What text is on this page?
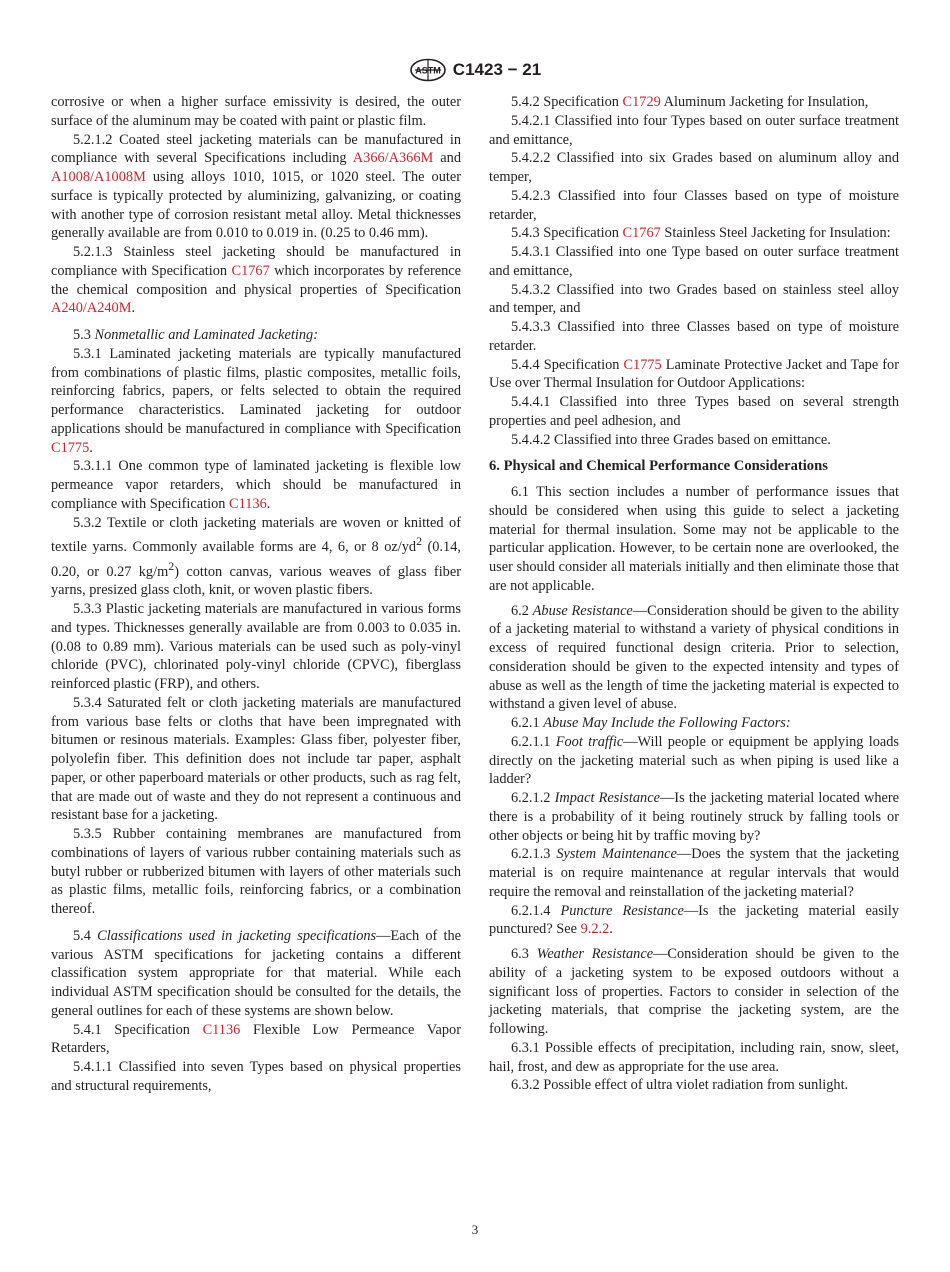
ASTM C1423 − 21

corrosive or when a higher surface emissivity is desired, the outer surface of the aluminum may be coated with paint or plastic film.

5.2.1.2 Coated steel jacketing materials can be manufactured in compliance with several Specifications including A366/A366M and A1008/A1008M using alloys 1010, 1015, or 1020 steel. The outer surface is typically protected by aluminizing, galvanizing, or coating with another type of corrosion resistant metal alloy. Metal thicknesses generally available are from 0.010 to 0.019 in. (0.25 to 0.46 mm).

5.2.1.3 Stainless steel jacketing should be manufactured in compliance with Specification C1767 which incorporates by reference the chemical composition and physical properties of Specification A240/A240M.

5.3 Nonmetallic and Laminated Jacketing:

5.3.1 Laminated jacketing materials are typically manufactured from combinations of plastic films, plastic composites, metallic foils, reinforcing fabrics, papers, or felts selected to obtain the required performance characteristics. Laminated jacketing for outdoor applications should be manufactured in compliance with Specification C1775.

5.3.1.1 One common type of laminated jacketing is flexible low permeance vapor retarders, which should be manufactured in compliance with Specification C1136.

5.3.2 Textile or cloth jacketing materials are woven or knitted of textile yarns. Commonly available forms are 4, 6, or 8 $oz/yd^2$ (0.14, 0.20, or 0.27 $kg/m^2$) cotton canvas, various weaves of glass fiber yarns, presized glass cloth, knit, or woven plastic fibers.

5.3.3 Plastic jacketing materials are manufactured in various forms and types. Thicknesses generally available are from 0.003 to 0.035 in. (0.08 to 0.89 mm). Various materials can be used such as poly-vinyl chloride (PVC), chlorinated poly-vinyl chloride (CPVC), fiberglass reinforced plastic (FRP), and others.

5.3.4 Saturated felt or cloth jacketing materials are manufactured from various base felts or cloths that have been impregnated with bitumen or resinous materials. Examples: Glass fiber, polyester fiber, polyolefin fiber. This definition does not include tar paper, asphalt paper, or other paperboard materials or other products, such as rag felt, that are made out of waste and they do not represent a continuous and resistant base for a jacketing.

5.3.5 Rubber containing membranes are manufactured from combinations of layers of various rubber containing materials such as butyl rubber or rubberized bitumen with layers of other materials such as plastic films, metallic foils, reinforcing fabrics, or a combination thereof.

5.4 Classifications used in jacketing specifications—Each of the various ASTM specifications for jacketing contains a different classification system appropriate for that material. While each individual ASTM specification should be consulted for the details, the general outlines for each of these systems are shown below.

5.4.1 Specification C1136 Flexible Low Permeance Vapor Retarders,

5.4.1.1 Classified into seven Types based on physical properties and structural requirements,

5.4.2 Specification C1729 Aluminum Jacketing for Insulation,

5.4.2.1 Classified into four Types based on outer surface treatment and emittance,

5.4.2.2 Classified into six Grades based on aluminum alloy and temper,

5.4.2.3 Classified into four Classes based on type of moisture retarder,

5.4.3 Specification C1767 Stainless Steel Jacketing for Insulation:

5.4.3.1 Classified into one Type based on outer surface treatment and emittance,

5.4.3.2 Classified into two Grades based on stainless steel alloy and temper, and

5.4.3.3 Classified into three Classes based on type of moisture retarder.

5.4.4 Specification C1775 Laminate Protective Jacket and Tape for Use over Thermal Insulation for Outdoor Applications:

5.4.4.1 Classified into three Types based on several strength properties and peel adhesion, and

5.4.4.2 Classified into three Grades based on emittance.

6. Physical and Chemical Performance Considerations

6.1 This section includes a number of performance issues that should be considered when using this guide to select a jacketing material for thermal insulation. Some may not be applicable to the particular application. However, to be certain none are overlooked, the user should consider all materials initially and then eliminate those that are not applicable.

6.2 Abuse Resistance—Consideration should be given to the ability of a jacketing material to withstand a variety of physical conditions in excess of required functional design criteria. Prior to selection, consideration should be given to the expected intensity and types of abuse as well as the length of time the jacketing material is expected to withstand a given level of abuse.

6.2.1 Abuse May Include the Following Factors:

6.2.1.1 Foot traffic—Will people or equipment be applying loads directly on the jacketing material such as when piping is used like a ladder?

6.2.1.2 Impact Resistance—Is the jacketing material located where there is a probability of it being routinely struck by falling tools or other objects or being hit by traffic moving by?

6.2.1.3 System Maintenance—Does the system that the jacketing material is on require maintenance at regular intervals that would require the removal and reinstallation of the jacketing material?

6.2.1.4 Puncture Resistance—Is the jacketing material easily punctured? See 9.2.2.

6.3 Weather Resistance—Consideration should be given to the ability of a jacketing system to be exposed outdoors without a significant loss of properties. Factors to consider in selection of the jacketing materials, that comprise the jacketing system, are the following.

6.3.1 Possible effects of precipitation, including rain, snow, sleet, hail, frost, and dew as appropriate for the use area.

6.3.2 Possible effect of ultra violet radiation from sunlight.

3
